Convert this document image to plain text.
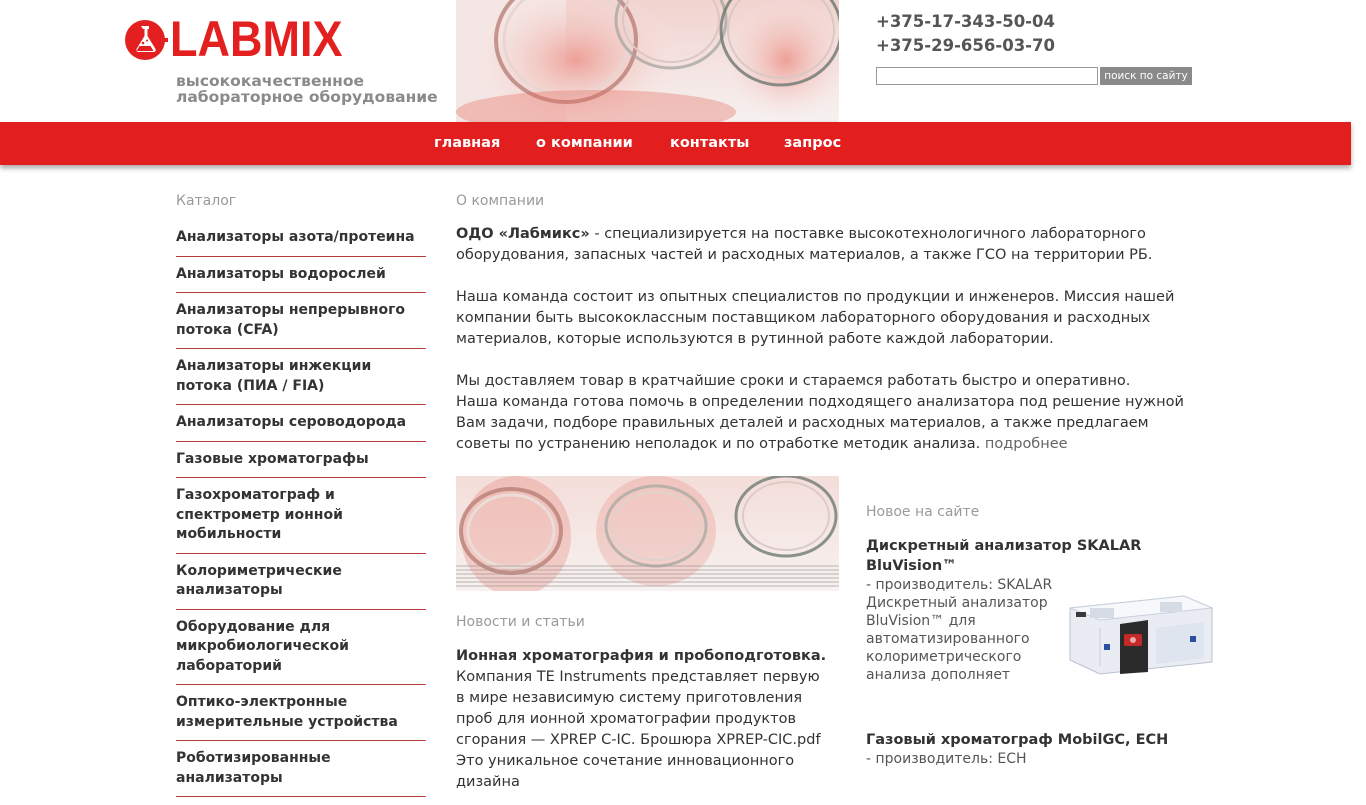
LABMIX
высококачественное
лабораторное оборудование
+375-17-343-50-04
+375-29-656-03-70
поиск по сайту
главная о компании	контакты запрос
Каталог
Анализаторы азота/протеина
Анализаторы водорослей
Анализаторы непрерывного потока (CFA)
Анализаторы инжекции потока (ПИА / FIA)
Анализаторы сероводорода
Газовые хроматографы
Газохроматограф и спектрометр ионной мобильности
Колориметрические анализаторы
Оборудование для микробиологической лабораторий
Оптико-электронные измерительные устройства
Роботизированные анализаторы
О компании

ОДО «Лабмикс» - специализируется на поставке высокотехнологичного лабораторного оборудования, запасных частей и расходных материалов, а также ГСО на территории РБ.

Наша команда состоит из опытных специалистов по продукции и инженеров. Миссия нашей компании быть высококлассным поставщиком лабораторного оборудования и расходных материалов, которые используются в рутинной работе каждой лаборатории.

Мы доставляем товар в кратчайшие сроки и стараемся работать быстро и оперативно.

Наша команда готова помочь в определении подходящего анализатора под решение нужной Вам задачи, подборе правильных деталей и расходных материалов, а также предлагаем советы по устранению неполадок и по отработке методик анализа. подробнее

Новости и статьи
Ионная хроматография и пробоподготовка.
Компания ТЕ Instruments представляет первую в мире независимую систему приготовления проб для ионной хроматографии продуктов сгорания — XPREP C-IC. Брошюра XPREP-CIC.pdf Это уникальное сочетание инновационного дизайна
Новое на сайте
Дискретный анализатор SKALAR BluVision™
- производитель: SKALAR
Дискретный анализатор BluVision™ для автоматизированного колориметрического анализа дополняет
Газовый хроматограф MobilGC, ECH
- производитель: ECH
